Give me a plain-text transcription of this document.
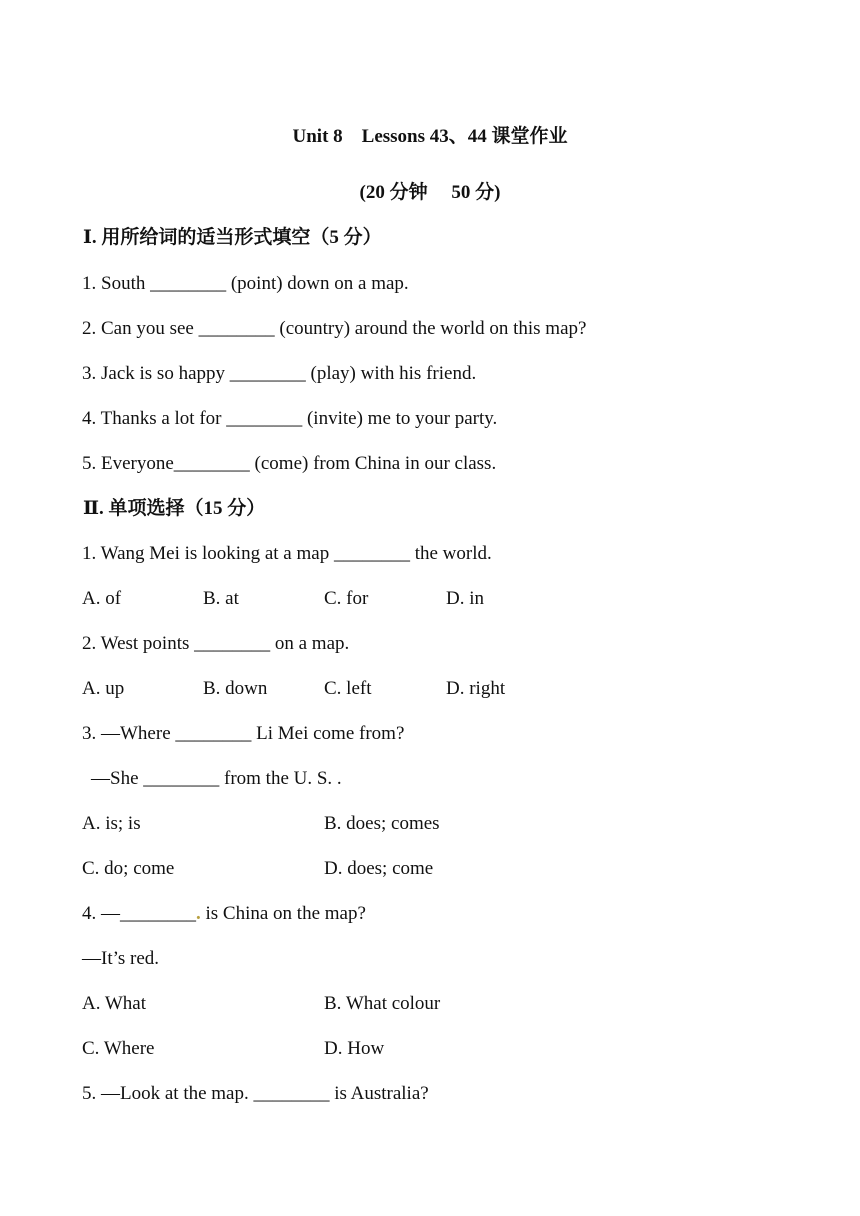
Unit 8　Lessons 43、44 课堂作业
(20 分钟　 50 分)
Ⅰ. 用所给词的适当形式填空（5 分）
1. South ________ (point) down on a map.
2. Can you see ________ (country) around the world on this map?
3. Jack is so happy ________ (play) with his friend.
4. Thanks a lot for ________ (invite) me to your party.
5. Everyone________ (come) from China in our class.
Ⅱ. 单项选择（15 分）
1. Wang Mei is looking at a map ________ the world.
A. of	B. at	C. for	D. in
2. West points ________ on a map.
A. up	B. down	C. left	D. right
3. —Where ________ Li Mei come from?
—She ________ from the U. S. .
A. is; is	B. does; comes
C. do; come	D. does; come
4. —________. is China on the map?
—It’s red.
A. What	B. What colour
C. Where	D. How
5. —Look at the map. ________ is Australia?
